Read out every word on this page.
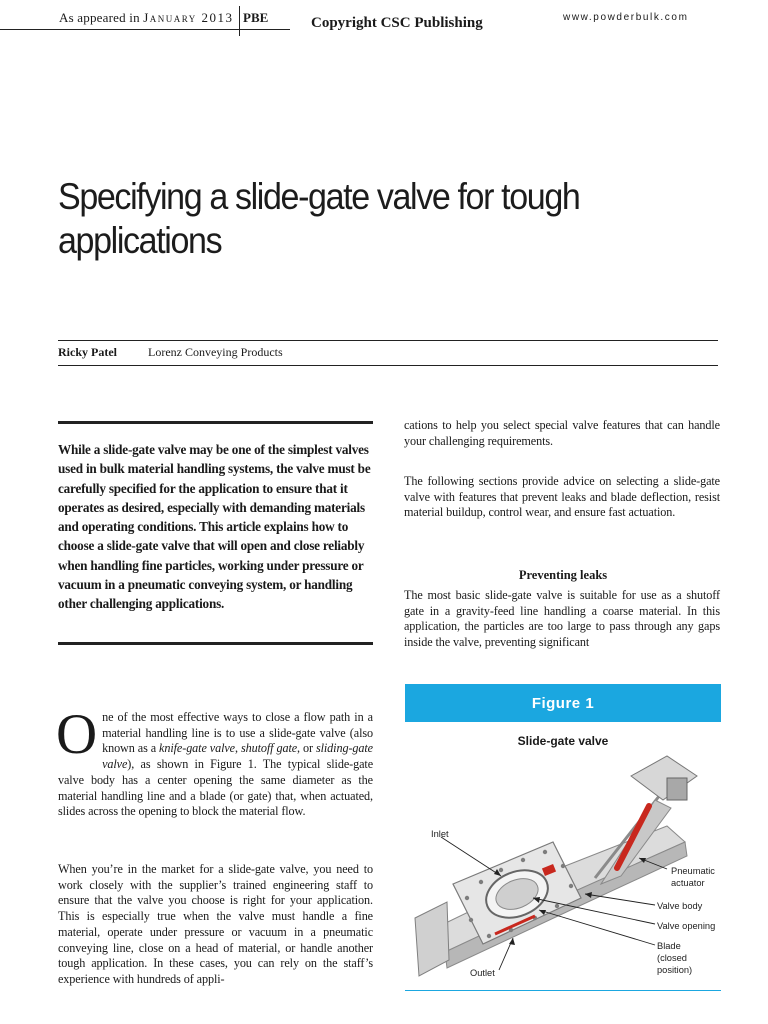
As appeared in January 2013 PBE	Copyright CSC Publishing	www.powderbulk.com
Specifying a slide-gate valve for tough applications
Ricky Patel	Lorenz Conveying Products
While a slide-gate valve may be one of the simplest valves used in bulk material handling systems, the valve must be carefully specified for the application to ensure that it operates as desired, especially with demanding materials and operating conditions. This article explains how to choose a slide-gate valve that will open and close reliably when handling fine particles, working under pressure or vacuum in a pneumatic conveying system, or handling other challenging applications.
One of the most effective ways to close a flow path in a material handling line is to use a slide-gate valve (also known as a knife-gate valve, shutoff gate, or sliding-gate valve), as shown in Figure 1. The typical slide-gate valve body has a center opening the same diameter as the material handling line and a blade (or gate) that, when actuated, slides across the opening to block the material flow.
When you’re in the market for a slide-gate valve, you need to work closely with the supplier’s trained engineering staff to ensure that the valve you choose is right for your application. This is especially true when the valve must handle a fine material, operate under pressure or vacuum in a pneumatic conveying line, close on a head of material, or handle another tough application. In these cases, you can rely on the staff’s experience with hundreds of appli-
cations to help you select special valve features that can handle your challenging requirements.
The following sections provide advice on selecting a slide-gate valve with features that prevent leaks and blade deflection, resist material buildup, control wear, and ensure fast actuation.
Preventing leaks
The most basic slide-gate valve is suitable for use as a shutoff gate in a gravity-feed line handling a coarse material. In this application, the particles are too large to pass through any gaps inside the valve, preventing significant
Figure 1
Slide-gate valve
Inlet
Pneumatic actuator
Valve body
Valve opening
Blade (closed position)
Outlet
